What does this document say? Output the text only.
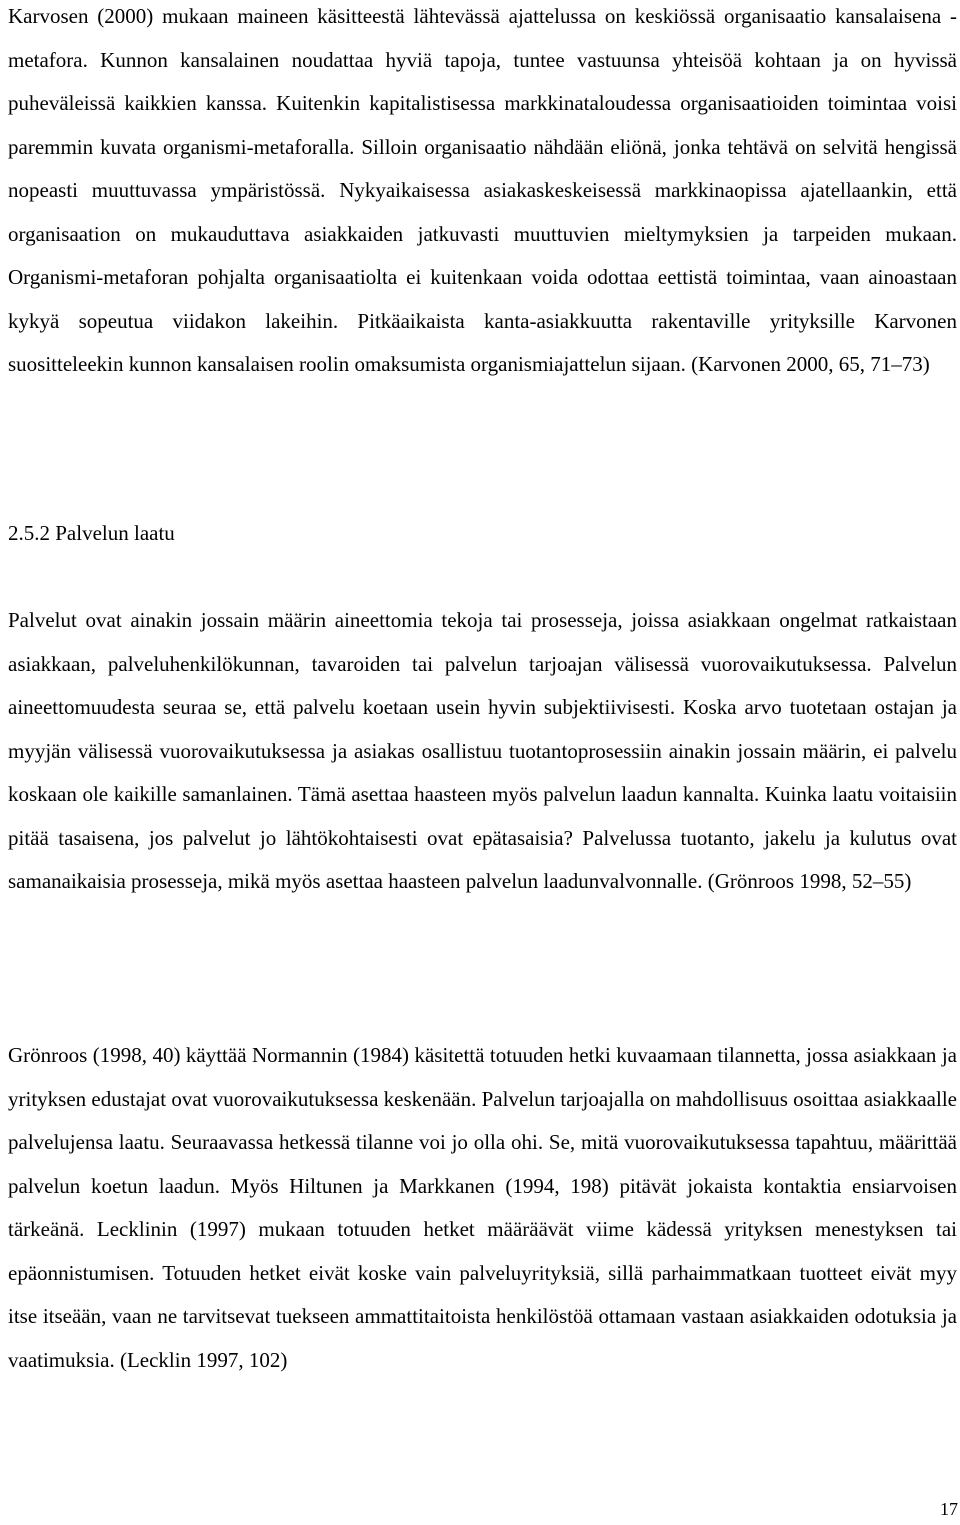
Karvosen (2000) mukaan maineen käsitteestä lähtevässä ajattelussa on keskiössä organisaatio kansalaisena -metafora. Kunnon kansalainen noudattaa hyviä tapoja, tuntee vastuunsa yhteisöä kohtaan ja on hyvissä puheväleissä kaikkien kanssa. Kuitenkin kapitalistisessa markkinataloudessa organisaatioiden toimintaa voisi paremmin kuvata organismi-metaforalla. Silloin organisaatio nähdään eliönä, jonka tehtävä on selvitä hengissä nopeasti muuttuvassa ympäristössä. Nykyaikaisessa asiakaskeskeisessä markkinaopissa ajatellaankin, että organisaation on mukauduttava asiakkaiden jatkuvasti muuttuvien mieltymyksien ja tarpeiden mukaan. Organismi-metaforan pohjalta organisaatiolta ei kuitenkaan voida odottaa eettistä toimintaa, vaan ainoastaan kykyä sopeutua viidakon lakeihin. Pitkäaikaista kanta-asiakkuutta rakentaville yrityksille Karvonen suositteleekin kunnon kansalaisen roolin omaksumista organismiajattelun sijaan. (Karvonen 2000, 65, 71–73)

2.5.2 Palvelun laatu

Palvelut ovat ainakin jossain määrin aineettomia tekoja tai prosesseja, joissa asiakkaan ongelmat ratkaistaan asiakkaan, palveluhenkilökunnan, tavaroiden tai palvelun tarjoajan välisessä vuorovaikutuksessa. Palvelun aineettomuudesta seuraa se, että palvelu koetaan usein hyvin subjektiivisesti. Koska arvo tuotetaan ostajan ja myyjän välisessä vuorovaikutuksessa ja asiakas osallistuu tuotantoprosessiin ainakin jossain määrin, ei palvelu koskaan ole kaikille samanlainen. Tämä asettaa haasteen myös palvelun laadun kannalta. Kuinka laatu voitaisiin pitää tasaisena, jos palvelut jo lähtökohtaisesti ovat epätasaisia? Palvelussa tuotanto, jakelu ja kulutus ovat samanaikaisia prosesseja, mikä myös asettaa haasteen palvelun laadunvalvonnalle. (Grönroos 1998, 52–55)

Grönroos (1998, 40) käyttää Normannin (1984) käsitettä totuuden hetki kuvaamaan tilannetta, jossa asiakkaan ja yrityksen edustajat ovat vuorovaikutuksessa keskenään. Palvelun tarjoajalla on mahdollisuus osoittaa asiakkaalle palvelujensa laatu. Seuraavassa hetkessä tilanne voi jo olla ohi. Se, mitä vuorovaikutuksessa tapahtuu, määrittää palvelun koetun laadun. Myös Hiltunen ja Markkanen (1994, 198) pitävät jokaista kontaktia ensiarvoisen tärkeänä. Lecklinin (1997) mukaan totuuden hetket määräävät viime kädessä yrityksen menestyksen tai epäonnistumisen. Totuuden hetket eivät koske vain palveluyrityksiä, sillä parhaimmatkaan tuotteet eivät myy itse itseään, vaan ne tarvitsevat tuekseen ammattitaitoista henkilöstöä ottamaan vastaan asiakkaiden odotuksia ja vaatimuksia. (Lecklin 1997, 102)

17
